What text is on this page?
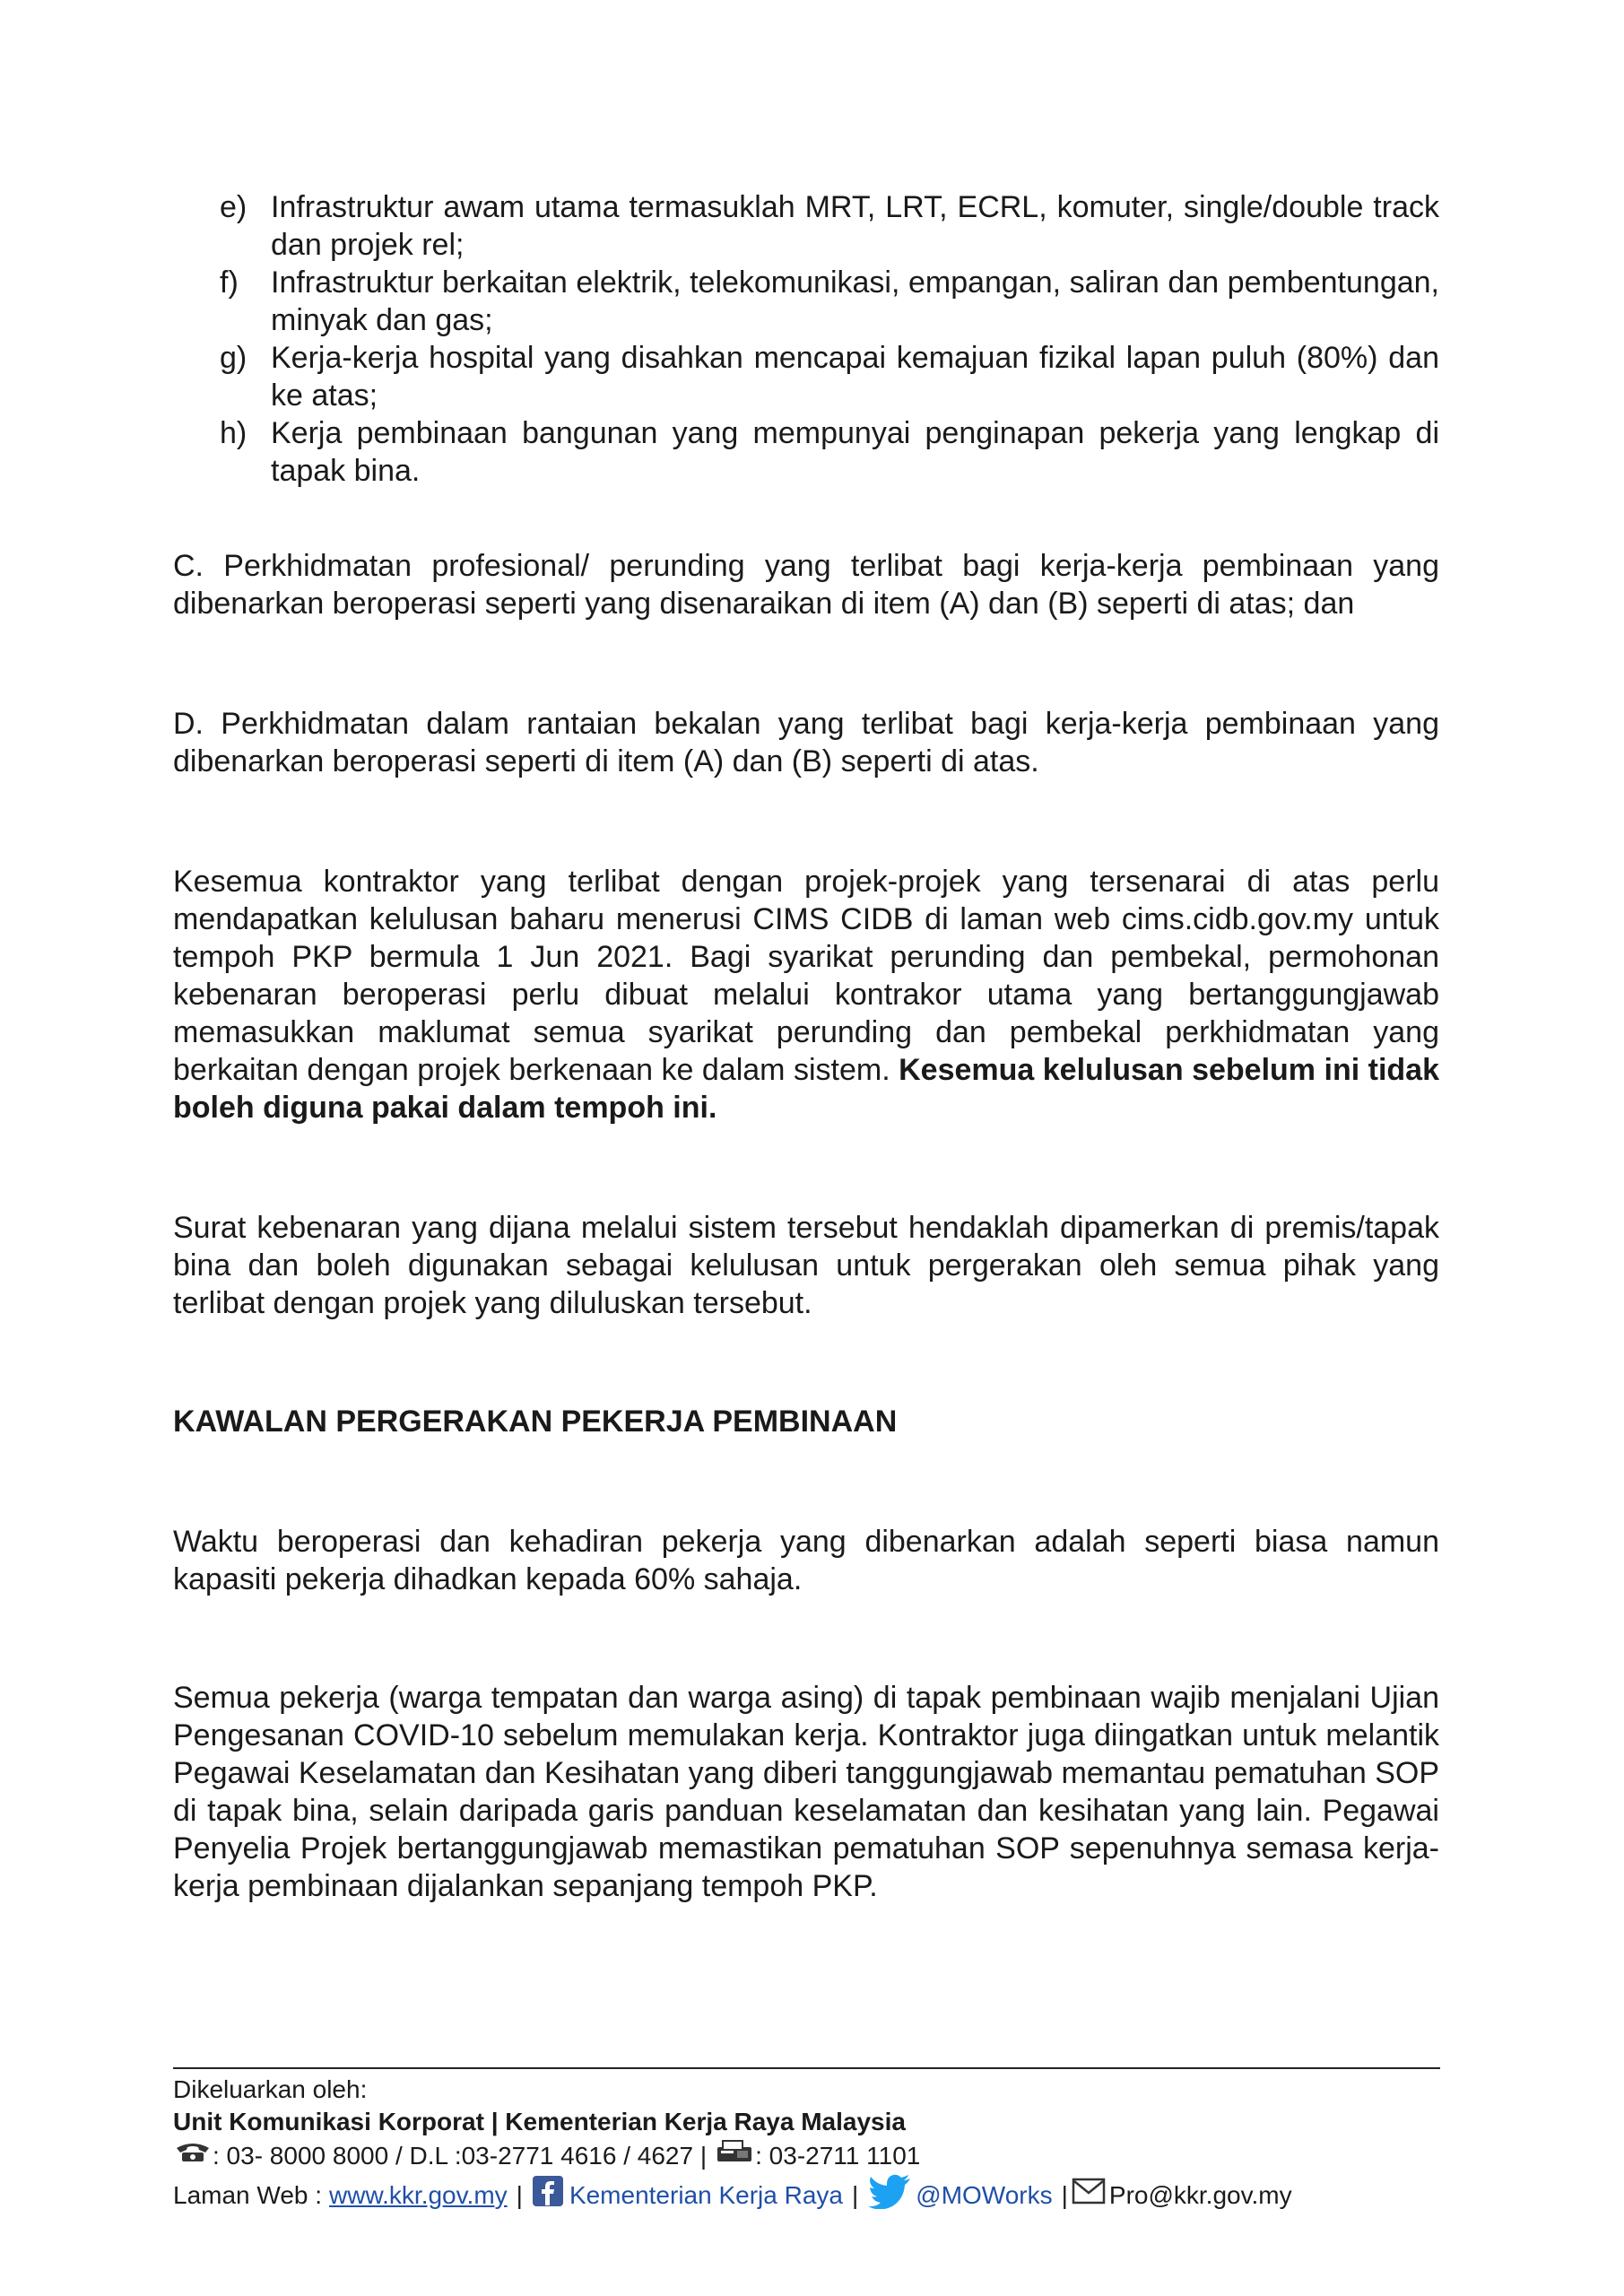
e) Infrastruktur awam utama termasuklah MRT, LRT, ECRL, komuter, single/double track dan projek rel;
f)	Infrastruktur berkaitan elektrik, telekomunikasi, empangan, saliran dan pembentungan, minyak dan gas;
g) Kerja-kerja hospital yang disahkan mencapai kemajuan fizikal lapan puluh (80%) dan ke atas;
h) Kerja pembinaan bangunan yang mempunyai penginapan pekerja yang lengkap di tapak bina.
C. Perkhidmatan profesional/ perunding yang terlibat bagi kerja-kerja pembinaan yang dibenarkan beroperasi seperti yang disenaraikan di item (A) dan (B) seperti di atas; dan
D. Perkhidmatan dalam rantaian bekalan yang terlibat bagi kerja-kerja pembinaan yang dibenarkan beroperasi seperti di item (A) dan (B) seperti di atas.
Kesemua kontraktor yang terlibat dengan projek-projek yang tersenarai di atas perlu mendapatkan kelulusan baharu menerusi CIMS CIDB di laman web cims.cidb.gov.my untuk tempoh PKP bermula 1 Jun 2021. Bagi syarikat perunding dan pembekal, permohonan kebenaran beroperasi perlu dibuat melalui kontrakor utama yang bertanggungjawab memasukkan maklumat semua syarikat perunding dan pembekal perkhidmatan yang berkaitan dengan projek berkenaan ke dalam sistem. Kesemua kelulusan sebelum ini tidak boleh diguna pakai dalam tempoh ini.
Surat kebenaran yang dijana melalui sistem tersebut hendaklah dipamerkan di premis/tapak bina dan boleh digunakan sebagai kelulusan untuk pergerakan oleh semua pihak yang terlibat dengan projek yang diluluskan tersebut.
KAWALAN PERGERAKAN PEKERJA PEMBINAAN
Waktu beroperasi dan kehadiran pekerja yang dibenarkan adalah seperti biasa namun kapasiti pekerja dihadkan kepada 60% sahaja.
Semua pekerja (warga tempatan dan warga asing) di tapak pembinaan wajib menjalani Ujian Pengesanan COVID-10 sebelum memulakan kerja. Kontraktor juga diingatkan untuk melantik Pegawai Keselamatan dan Kesihatan yang diberi tanggungjawab memantau pematuhan SOP di tapak bina, selain daripada garis panduan keselamatan dan kesihatan yang lain. Pegawai Penyelia Projek bertanggungjawab memastikan pematuhan SOP sepenuhnya semasa kerja-kerja pembinaan dijalankan sepanjang tempoh PKP.
Dikeluarkan oleh:
Unit Komunikasi Korporat | Kementerian Kerja Raya Malaysia
: 03- 8000 8000 / D.L :03-2771 4616 / 4627 | : 03-2711 1101
Laman Web : www.kkr.gov.my | Kementerian Kerja Raya | @MOWorks | Pro@kkr.gov.my
